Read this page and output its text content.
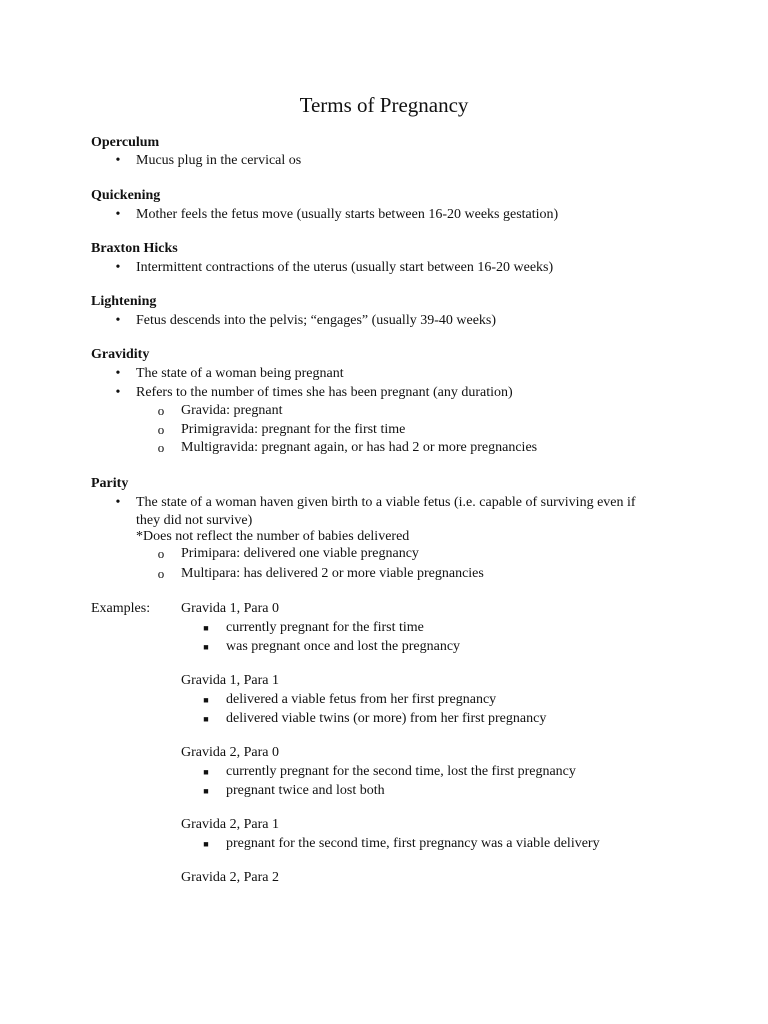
Terms of Pregnancy
Operculum
• Mucus plug in the cervical os
Quickening
• Mother feels the fetus move (usually starts between 16-20 weeks gestation)
Braxton Hicks
• Intermittent contractions of the uterus (usually start between 16-20 weeks)
Lightening
• Fetus descends into the pelvis; “engages” (usually 39-40 weeks)
Gravidity
• The state of a woman being pregnant
• Refers to the number of times she has been pregnant (any duration)
o Gravida: pregnant
o Primigravida: pregnant for the first time
o Multigravida: pregnant again, or has had 2 or more pregnancies
Parity
• The state of a woman haven given birth to a viable fetus (i.e. capable of surviving even if
they did not survive)
*Does not reflect the number of babies delivered
o Primipara: delivered one viable pregnancy
o Multipara: has delivered 2 or more viable pregnancies
Examples: Gravida 1, Para 0
■ currently pregnant for the first time
■ was pregnant once and lost the pregnancy
Gravida 1, Para 1
■ delivered a viable fetus from her first pregnancy
■ delivered viable twins (or more) from her first pregnancy
Gravida 2, Para 0
■ currently pregnant for the second time, lost the first pregnancy
■ pregnant twice and lost both
Gravida 2, Para 1
■ pregnant for the second time, first pregnancy was a viable delivery
Gravida 2, Para 2
